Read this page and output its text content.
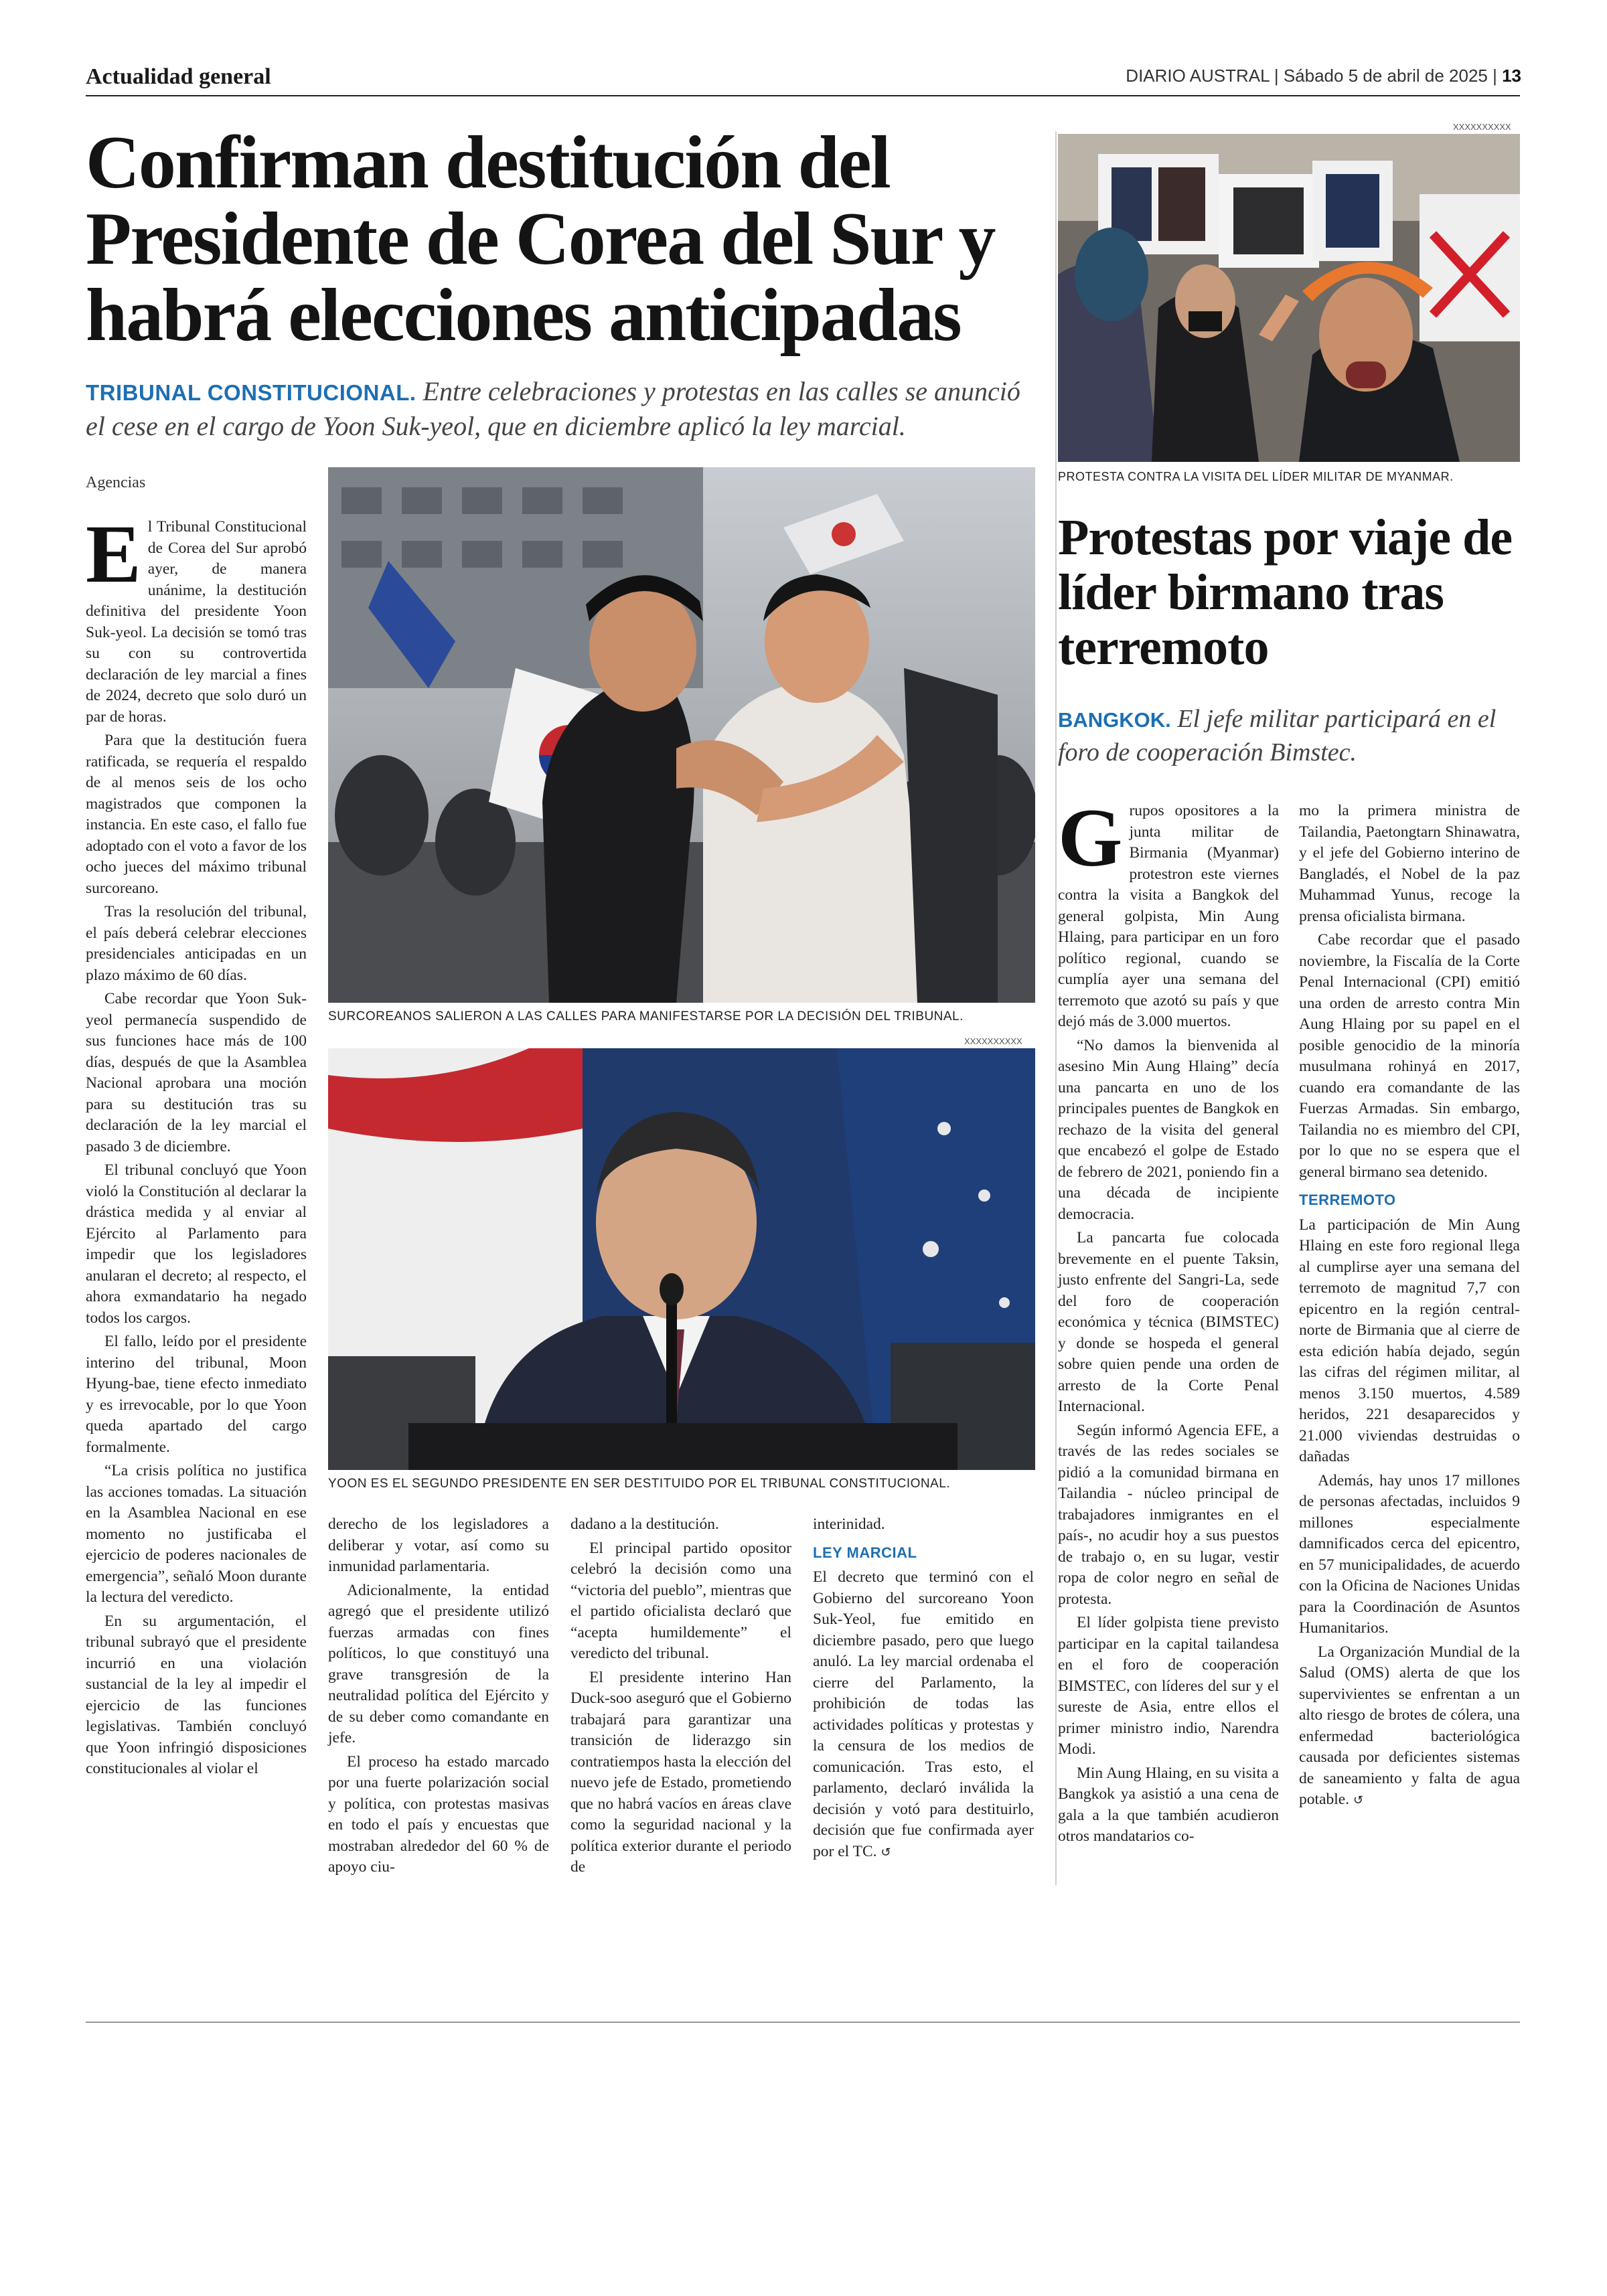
Actualidad general	DIARIO AUSTRAL | Sábado 5 de abril de 2025 | 13
Confirman destitución del Presidente de Corea del Sur y habrá elecciones anticipadas
TRIBUNAL CONSTITUCIONAL. Entre celebraciones y protestas en las calles se anunció el cese en el cargo de Yoon Suk-yeol, que en diciembre aplicó la ley marcial.
Agencias

El Tribunal Constitucional de Corea del Sur aprobó ayer, de manera unánime, la destitución definitiva del presidente Yoon Suk-yeol. La decisión se tomó tras su con su controvertida declaración de ley marcial a fines de 2024, decreto que solo duró un par de horas.

Para que la destitución fuera ratificada, se requería el respaldo de al menos seis de los ocho magistrados que componen la instancia. En este caso, el fallo fue adoptado con el voto a favor de los ocho jueces del máximo tribunal surcoreano.

Tras la resolución del tribunal, el país deberá celebrar elecciones presidenciales anticipadas en un plazo máximo de 60 días.

Cabe recordar que Yoon Suk-yeol permanecía suspendido de sus funciones hace más de 100 días, después de que la Asamblea Nacional aprobara una moción para su destitución tras su declaración de la ley marcial el pasado 3 de diciembre.

El tribunal concluyó que Yoon violó la Constitución al declarar la drástica medida y al enviar al Ejército al Parlamento para impedir que los legisladores anularan el decreto; al respecto, el ahora exmandatario ha negado todos los cargos.

El fallo, leído por el presidente interino del tribunal, Moon Hyung-bae, tiene efecto inmediato y es irrevocable, por lo que Yoon queda apartado del cargo formalmente.

“La crisis política no justifica las acciones tomadas. La situación en la Asamblea Nacional en ese momento no justificaba el ejercicio de poderes nacionales de emergencia”, señaló Moon durante la lectura del veredicto.

En su argumentación, el tribunal subrayó que el presidente incurrió en una violación sustancial de la ley al impedir el ejercicio de las funciones legislativas. También concluyó que Yoon infringió disposiciones constitucionales al violar el

SURCOREANOS SALIERON A LAS CALLES PARA MANIFESTARSE POR LA DECISIÓN DEL TRIBUNAL.
XXXXXXXXXX
YOON ES EL SEGUNDO PRESIDENTE EN SER DESTITUIDO POR EL TRIBUNAL CONSTITUCIONAL.

derecho de los legisladores a deliberar y votar, así como su inmunidad parlamentaria.

Adicionalmente, la entidad agregó que el presidente utilizó fuerzas armadas con fines políticos, lo que constituyó una grave transgresión de la neutralidad política del Ejército y de su deber como comandante en jefe.

El proceso ha estado marcado por una fuerte polarización social y política, con protestas masivas en todo el país y encuestas que mostraban alrededor del 60 % de apoyo ciu-

dadano a la destitución.

El principal partido opositor celebró la decisión como una “victoria del pueblo”, mientras que el partido oficialista declaró que “acepta humildemente” el veredicto del tribunal.

El presidente interino Han Duck-soo aseguró que el Gobierno trabajará para garantizar una transición de liderazgo sin contratiempos hasta la elección del nuevo jefe de Estado, prometiendo que no habrá vacíos en áreas clave como la seguridad nacional y la política exterior durante el periodo de

interinidad.

LEY MARCIAL

El decreto que terminó con el Gobierno del surcoreano Yoon Suk-Yeol, fue emitido en diciembre pasado, pero que luego anuló. La ley marcial ordenaba el cierre del Parlamento, la prohibición de todas las actividades políticas y protestas y la censura de los medios de comunicación. Tras esto, el parlamento, declaró inválida la decisión y votó para destituirlo, decisión que fue confirmada ayer por el TC. ↺

XXXXXXXXXX
PROTESTA CONTRA LA VISITA DEL LÍDER MILITAR DE MYANMAR.
Protestas por viaje de líder birmano tras terremoto
BANGKOK. El jefe militar participará en el foro de cooperación Bimstec.

Grupos opositores a la junta militar de Birmania (Myanmar) protestron este viernes contra la visita a Bangkok del general golpista, Min Aung Hlaing, para participar en un foro político regional, cuando se cumplía ayer una semana del terremoto que azotó su país y que dejó más de 3.000 muertos.

“No damos la bienvenida al asesino Min Aung Hlaing” decía una pancarta en uno de los principales puentes de Bangkok en rechazo de la visita del general que encabezó el golpe de Estado de febrero de 2021, poniendo fin a una década de incipiente democracia.

La pancarta fue colocada brevemente en el puente Taksin, justo enfrente del Sangri-La, sede del foro de cooperación económica y técnica (BIMSTEC) y donde se hospeda el general sobre quien pende una orden de arresto de la Corte Penal Internacional.

Según informó Agencia EFE, a través de las redes sociales se pidió a la comunidad birmana en Tailandia - núcleo principal de trabajadores inmigrantes en el país-, no acudir hoy a sus puestos de trabajo o, en su lugar, vestir ropa de color negro en señal de protesta.

El líder golpista tiene previsto participar en la capital tailandesa en el foro de cooperación BIMSTEC, con líderes del sur y el sureste de Asia, entre ellos el primer ministro indio, Narendra Modi.

Min Aung Hlaing, en su visita a Bangkok ya asistió a una cena de gala a la que también acudieron otros mandatarios co-

mo la primera ministra de Tailandia, Paetongtarn Shinawatra, y el jefe del Gobierno interino de Bangladés, el Nobel de la paz Muhammad Yunus, recoge la prensa oficialista birmana.

Cabe recordar que el pasado noviembre, la Fiscalía de la Corte Penal Internacional (CPI) emitió una orden de arresto contra Min Aung Hlaing por su papel en el posible genocidio de la minoría musulmana rohinyá en 2017, cuando era comandante de las Fuerzas Armadas. Sin embargo, Tailandia no es miembro del CPI, por lo que no se espera que el general birmano sea detenido.

TERREMOTO

La participación de Min Aung Hlaing en este foro regional llega al cumplirse ayer una semana del terremoto de magnitud 7,7 con epicentro en la región central-norte de Birmania que al cierre de esta edición había dejado, según las cifras del régimen militar, al menos 3.150 muertos, 4.589 heridos, 221 desaparecidos y 21.000 viviendas destruidas o dañadas

Además, hay unos 17 millones de personas afectadas, incluidos 9 millones especialmente damnificados cerca del epicentro, en 57 municipalidades, de acuerdo con la Oficina de Naciones Unidas para la Coordinación de Asuntos Humanitarios.

La Organización Mundial de la Salud (OMS) alerta de que los supervivientes se enfrentan a un alto riesgo de brotes de cólera, una enfermedad bacteriológica causada por deficientes sistemas de saneamiento y falta de agua potable. ↺
